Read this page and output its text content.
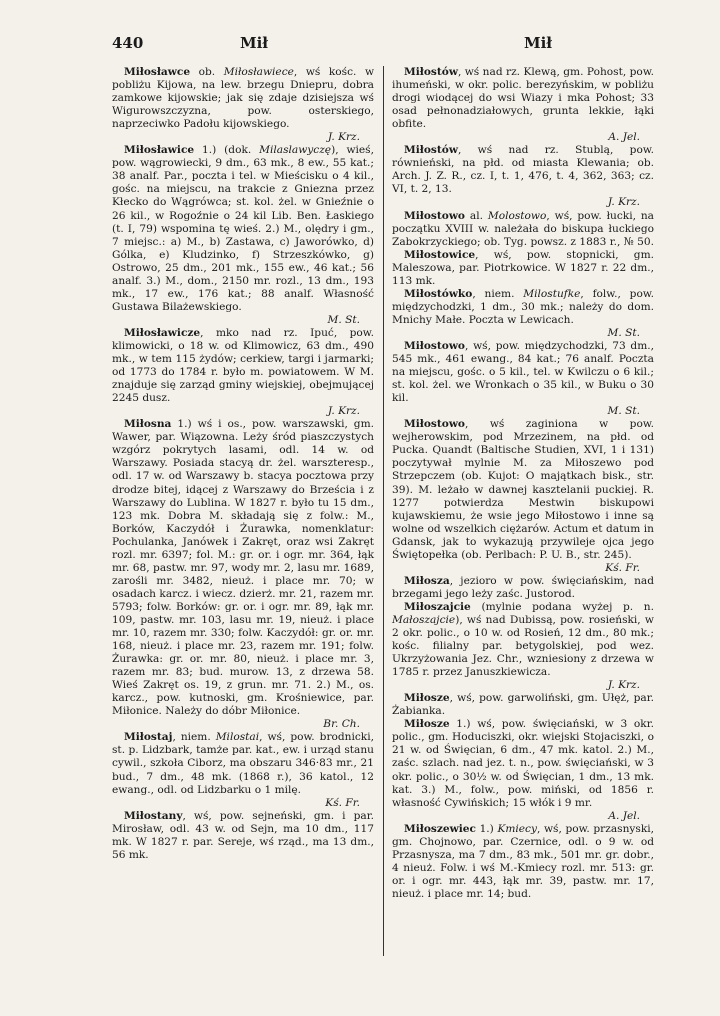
440	Mił	Mił

Miłosławce ob. Miłosławiece, wś kośc. w pobliżu Kijowa, na lew. brzegu Dniepru, dobra zamkowe kijowskie; jak się zdaje dzisiejsza wś Wigurowszczyzna, pow. osterskiego, naprzeciwko Padołu kijowskiego.
J. Krz.

Miłosławice 1.) (dok. Milaslawyczę), wieś, pow. wągrowiecki, 9 dm., 63 mk., 8 ew., 55 kat.; 38 analf. Par., poczta i tel. w Mieścisku o 4 kil., gośc. na miejscu, na trakcie z Gniezna przez Kłecko do Wągrówca; st. kol. żel. w Gnieźnie o 26 kil., w Rogoźnie o 24 kil Lib. Ben. Łaskiego (t. I, 79) wspomina tę wieś. 2.) M., olędry i gm., 7 miejsc.: a) M., b) Zastawa, c) Jaworówko, d) Gólka, e) Kludzinko, f) Strzeszkówko, g) Ostrowo, 25 dm., 201 mk., 155 ew., 46 kat.; 56 analf. 3.) M., dom., 2150 mr. rozl., 13 dm., 193 mk., 17 ew., 176 kat.; 88 analf. Własność Gustawa Bilażewskiego.
M. St.

Miłosławicze, mko nad rz. Ipuć, pow. klimowicki, o 18 w. od Klimowicz, 63 dm., 490 mk., w tem 115 żydów; cerkiew, targi i jarmarki; od 1773 do 1784 r. było m. powiatowem. W M. znajduje się zarząd gminy wiejskiej, obejmującej 2245 dusz.
J. Krz.

Miłosna 1.) wś i os., pow. warszawski, gm. Wawer, par. Wiązowna. Leży śród piaszczystych wzgórz pokrytych lasami, odl. 14 w. od Warszawy. Posiada stacyą dr. żel. warszteresp., odl. 17 w. od Warszawy b. stacya pocztowa przy drodze bitej, idącej z Warszawy do Brześcia i z Warszawy do Lublina. W 1827 r. było tu 15 dm., 123 mk. Dobra M. składają się z folw.: M., Borków, Kaczydół i Żurawka, nomenklatur: Pochulanka, Janówek i Zakręt, oraz wsi Zakręt rozl. mr. 6397; fol. M.: gr. or. i ogr. mr. 364, łąk mr. 68, pastw. mr. 97, wody mr. 2, lasu mr. 1689, zarośli mr. 3482, nieuż. i place mr. 70; w osadach karcz. i wiecz. dzierż. mr. 21, razem mr. 5793; folw. Borków: gr. or. i ogr. mr. 89, łąk mr. 109, pastw. mr. 103, lasu mr. 19, nieuż. i place mr. 10, razem mr. 330; folw. Kaczydół: gr. or. mr. 168, nieuż. i place mr. 23, razem mr. 191; folw. Żurawka: gr. or. mr. 80, nieuż. i place mr. 3, razem mr. 83; bud. murow. 13, z drzewa 58. Wieś Zakręt os. 19, z grun. mr. 71. 2.) M., os. karcz., pow. kutnoski, gm. Krośniewice, par. Miłonice. Należy do dóbr Miłonice.
Br. Ch.

Miłostaj, niem. Milostai, wś, pow. brodnicki, st. p. Lidzbark, tamże par. kat., ew. i urząd stanu cywil., szkoła Ciborz, ma obszaru 346·83 mr., 21 bud., 7 dm., 48 mk. (1868 r.), 36 katol., 12 ewang., odl. od Lidzbarku o 1 milę.
Kś. Fr.

Miłostany, wś, pow. sejneński, gm. i par. Mirosław, odl. 43 w. od Sejn, ma 10 dm., 117 mk. W 1827 r. par. Sereje, wś rząd., ma 13 dm., 56 mk.

Miłostów, wś nad rz. Klewą, gm. Pohost, pow. ihumeński, w okr. polic. berezyńskim, w pobliżu drogi wiodącej do wsi Wiazy i mka Pohost; 33 osad pełnonadziałowych, grunta lekkie, łąki obfite.
A. Jel.

Miłostów, wś nad rz. Stublą, pow. równieński, na płd. od miasta Klewania; ob. Arch. J. Z. R., cz. I, t. 1, 476, t. 4, 362, 363; cz. VI, t. 2, 13.
J. Krz.

Miłostowo al. Molostowo, wś, pow. łucki, na początku XVIII w. należała do biskupa łuckiego Zabokrzyckiego; ob. Tyg. powsz. z 1883 r., № 50.

Miłostowice, wś, pow. stopnicki, gm. Maleszowa, par. Piotrkowice. W 1827 r. 22 dm., 113 mk.

Miłostówko, niem. Milostufke, folw., pow. międzychodzki, 1 dm., 30 mk.; należy do dom. Mnichy Małe. Poczta w Lewicach.
M. St.

Miłostowo, wś, pow. międzychodzki, 73 dm., 545 mk., 461 ewang., 84 kat.; 76 analf. Poczta na miejscu, gośc. o 5 kil., tel. w Kwilczu o 6 kil.; st. kol. żel. we Wronkach o 35 kil., w Buku o 30 kil.
M. St.

Miłostowo, wś zaginiona w pow. wejherowskim, pod Mrzezinem, na płd. od Pucka. Quandt (Baltische Studien, XVI, 1 i 131) poczytywał mylnie M. za Miłoszewo pod Strzepczem (ob. Kujot: O majątkach bisk., str. 39). M. leżało w dawnej kasztelanii puckiej. R. 1277 potwierdza Mestwin biskupowi kujawskiemu, że wsie jego Miłostowo i inne są wolne od wszelkich ciężarów. Actum et datum in Gdansk, jak to wykazują przywileje ojca jego Świętopełka (ob. Perlbach: P. U. B., str. 245).
Kś. Fr.

Miłosza, jezioro w pow. święciańskim, nad brzegami jego leży zaśc. Justorod.

Miłoszajcie (mylnie podana wyżej p. n. Małoszajcie), wś nad Dubissą, pow. rosieński, w 2 okr. polic., o 10 w. od Rosień, 12 dm., 80 mk.; kośc. filialny par. betygolskiej, pod wez. Ukrzyżowania Jez. Chr., wzniesiony z drzewa w 1785 r. przez Januszkiewicza.
J. Krz.

Miłosze, wś, pow. garwoliński, gm. Ułęż, par. Żabianka.

Miłosze 1.) wś, pow. święciański, w 3 okr. polic., gm. Hoduciszki, okr. wiejski Stojaciszki, o 21 w. od Święcian, 6 dm., 47 mk. katol. 2.) M., zaśc. szlach. nad jez. t. n., pow. święciański, w 3 okr. polic., o 30½ w. od Święcian, 1 dm., 13 mk. kat. 3.) M., folw., pow. miński, od 1856 r. własność Cywińskich; 15 włók i 9 mr.
A. Jel.

Miłoszewiec 1.) Kmiecy, wś, pow. przasnyski, gm. Chojnowo, par. Czernice, odl. o 9 w. od Przasnysza, ma 7 dm., 83 mk., 501 mr. gr. dobr., 4 nieuż. Folw. i wś M.-Kmiecy rozl. mr. 513: gr. or. i ogr. mr. 443, łąk mr. 39, pastw. mr. 17, nieuż. i place mr. 14; bud.
